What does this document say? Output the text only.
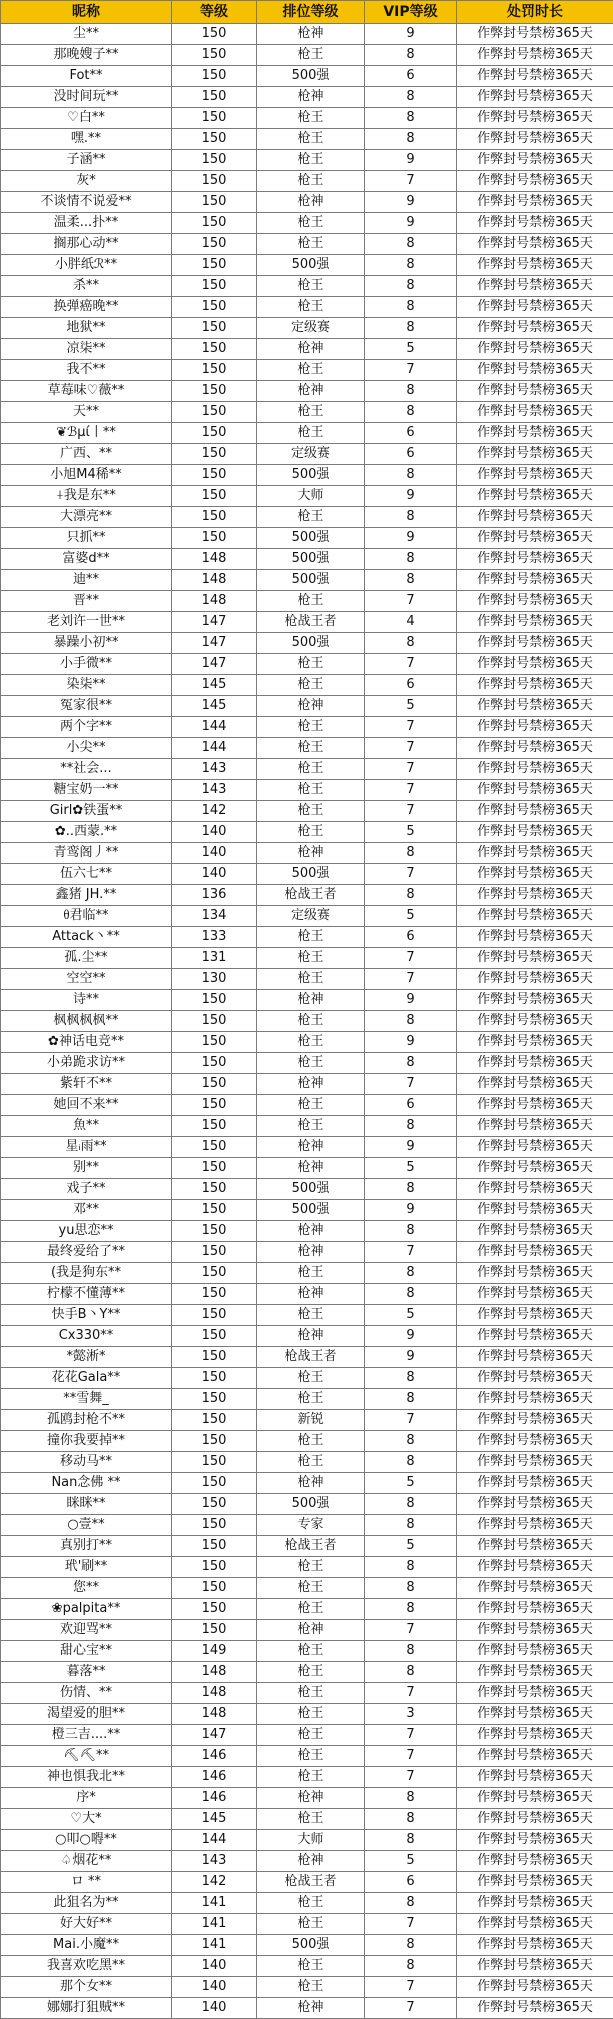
昵称	等级	排位等级	VIP等级	处罚时长
尘**	150	枪神	9	作弊封号禁榜365天
那晚嫂子**	150	枪王	8	作弊封号禁榜365天
Fot**	150	500强	6	作弊封号禁榜365天
没时间玩**	150	枪神	8	作弊封号禁榜365天
♡白**	150	枪王	8	作弊封号禁榜365天
嘿.**	150	枪王	8	作弊封号禁榜365天
子涵**	150	枪王	9	作弊封号禁榜365天
灰*	150	枪王	7	作弊封号禁榜365天
不谈情不说爱**	150	枪神	9	作弊封号禁榜365天
温柔...扑**	150	枪王	9	作弊封号禁榜365天
搁那心动**	150	枪王	8	作弊封号禁榜365天
小胖纸ℛ**	150	500强	8	作弊封号禁榜365天
杀**	150	枪王	8	作弊封号禁榜365天
换弹癌晚**	150	枪王	8	作弊封号禁榜365天
地狱**	150	定级赛	8	作弊封号禁榜365天
凉柒**	150	枪神	5	作弊封号禁榜365天
我不**	150	枪王	7	作弊封号禁榜365天
草莓味♡薇**	150	枪神	8	作弊封号禁榜365天
天**	150	枪王	8	作弊封号禁榜365天
❦ℬμί丨**	150	枪王	6	作弊封号禁榜365天
广西、**	150	定级赛	6	作弊封号禁榜365天
小旭M4稀**	150	500强	8	作弊封号禁榜365天
⍭我是东**	150	大师	9	作弊封号禁榜365天
大漂亮**	150	枪王	8	作弊封号禁榜365天
只抓**	150	500强	9	作弊封号禁榜365天
富婆d**	148	500强	8	作弊封号禁榜365天
迪**	148	500强	8	作弊封号禁榜365天
晋**	148	枪王	7	作弊封号禁榜365天
老刘许一世**	147	枪战王者	4	作弊封号禁榜365天
暴躁小初**	147	500强	8	作弊封号禁榜365天
小手微**	147	枪王	7	作弊封号禁榜365天
染柒**	145	枪王	6	作弊封号禁榜365天
冤家很**	145	枪神	5	作弊封号禁榜365天
两个字**	144	枪王	7	作弊封号禁榜365天
小尖**	144	枪王	7	作弊封号禁榜365天
**社会...	143	枪王	7	作弊封号禁榜365天
糖宝奶一**	143	枪王	7	作弊封号禁榜365天
Girl✿铁蛋**	142	枪王	7	作弊封号禁榜365天
✿..西蒙.**	140	枪王	5	作弊封号禁榜365天
青鸾阁丿**	140	枪神	8	作弊封号禁榜365天
伍六七**	140	500强	7	作弊封号禁榜365天
鑫猪 JH.**	136	枪战王者	8	作弊封号禁榜365天
ᦲ君临**	134	定级赛	5	作弊封号禁榜365天
Attack丶**	133	枪王	6	作弊封号禁榜365天
孤.尘**	131	枪王	7	作弊封号禁榜365天
空空**	130	枪王	7	作弊封号禁榜365天
诗**	150	枪神	9	作弊封号禁榜365天
枫枫枫枫**	150	枪王	8	作弊封号禁榜365天
✿神话电竞**	150	枪王	9	作弊封号禁榜365天
小弟跪求访**	150	枪王	8	作弊封号禁榜365天
紫轩不**	150	枪神	7	作弊封号禁榜365天
她回不来**	150	枪王	6	作弊封号禁榜365天
魚**	150	枪王	8	作弊封号禁榜365天
星ᵢ雨**	150	枪神	9	作弊封号禁榜365天
别**	150	枪神	5	作弊封号禁榜365天
戏子**	150	500强	8	作弊封号禁榜365天
邓**	150	500强	9	作弊封号禁榜365天
yu思恋**	150	枪神	8	作弊封号禁榜365天
最终爱给了**	150	枪神	7	作弊封号禁榜365天
(我是狗东**	150	枪王	8	作弊封号禁榜365天
柠檬不懂薄**	150	枪神	8	作弊封号禁榜365天
快手B丶Y**	150	枪王	5	作弊封号禁榜365天
Cx330**	150	枪神	9	作弊封号禁榜365天
*懿淅*	150	枪战王者	9	作弊封号禁榜365天
花花Gala**	150	枪王	8	作弊封号禁榜365天
**雪舞_	150	枪王	8	作弊封号禁榜365天
孤鸥封枪不**	150	新锐	7	作弊封号禁榜365天
撞你我要掉**	150	枪王	8	作弊封号禁榜365天
移动马**	150	枪王	8	作弊封号禁榜365天
Nan念佛 **	150	枪神	5	作弊封号禁榜365天
眯眯**	150	500强	8	作弊封号禁榜365天
○壹**	150	专家	8	作弊封号禁榜365天
真别打**	150	枪战王者	5	作弊封号禁榜365天
玳'刷**	150	枪王	8	作弊封号禁榜365天
您**	150	枪王	8	作弊封号禁榜365天
❀palpita**	150	枪王	8	作弊封号禁榜365天
欢迎骂**	150	枪神	7	作弊封号禁榜365天
甜心宝**	149	枪王	8	作弊封号禁榜365天
暮落**	148	枪王	8	作弊封号禁榜365天
伤情、**	148	枪王	7	作弊封号禁榜365天
渴望爱的胆**	148	枪王	3	作弊封号禁榜365天
橙三吉....**	147	枪王	7	作弊封号禁榜365天
⛏⛏**	146	枪王	7	作弊封号禁榜365天
神也惧我北**	146	枪王	7	作弊封号禁榜365天
序*	146	枪神	8	作弊封号禁榜365天
♡大*	145	枪王	8	作弊封号禁榜365天
○叩○嘚**	144	大师	8	作弊封号禁榜365天
♤烟花**	143	枪神	5	作弊封号禁榜365天
ロ **	142	枪战王者	6	作弊封号禁榜365天
此狙名为**	141	枪王	8	作弊封号禁榜365天
好大好**	141	枪王	7	作弊封号禁榜365天
Mai.小魔**	141	500强	8	作弊封号禁榜365天
我喜欢吃黑**	140	枪王	8	作弊封号禁榜365天
那个女**	140	枪王	7	作弊封号禁榜365天
娜娜打狙贼**	140	枪神	7	作弊封号禁榜365天
